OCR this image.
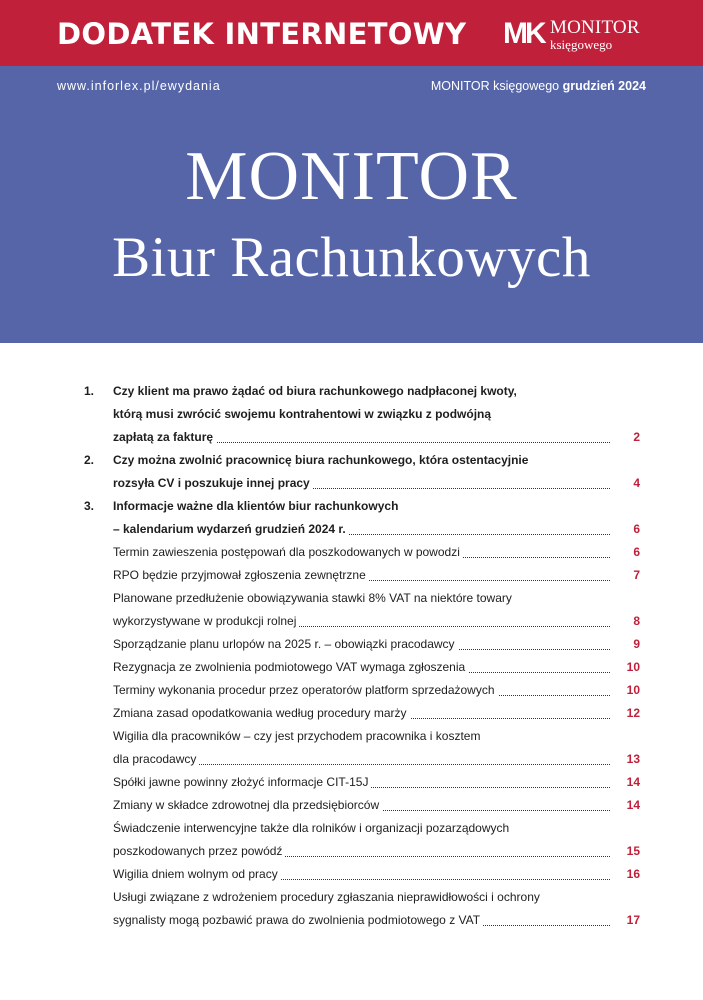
DODATEK INTERNETOWY MK MONITOR
księgowego
www.inforlex.pl/ewydania	MONITOR księgowego grudzień 2024
MONITOR
Biur Rachunkowych
1.	Czy klient ma prawo żądać od biura rachunkowego nadpłaconej kwoty,
którą musi zwrócić swojemu kontrahentowi w związku z podwójną
zapłatą za fakturę	2
2.	Czy można zwolnić pracownicę biura rachunkowego, która ostentacyjnie
rozsyła CV i poszukuje innej pracy	4
3.	Informacje ważne dla klientów biur rachunkowych
– kalendarium wydarzeń grudzień 2024 r.	6
Termin zawieszenia postępowań dla poszkodowanych w powodzi	6
RPO będzie przyjmował zgłoszenia zewnętrzne	7
Planowane przedłużenie obowiązywania stawki 8% VAT na niektóre towary
wykorzystywane w produkcji rolnej	8
Sporządzanie planu urlopów na 2025 r. – obowiązki pracodawcy	9
Rezygnacja ze zwolnienia podmiotowego VAT wymaga zgłoszenia	10
Terminy wykonania procedur przez operatorów platform sprzedażowych	10
Zmiana zasad opodatkowania według procedury marży	12
Wigilia dla pracowników – czy jest przychodem pracownika i kosztem
dla pracodawcy	13
Spółki jawne powinny złożyć informacje CIT-15J	14
Zmiany w składce zdrowotnej dla przedsiębiorców	14
Świadczenie interwencyjne także dla rolników i organizacji pozarządowych
poszkodowanych przez powódź	15
Wigilia dniem wolnym od pracy	16
Usługi związane z wdrożeniem procedury zgłaszania nieprawidłowości i ochrony
sygnalisty mogą pozbawić prawa do zwolnienia podmiotowego z VAT	17
